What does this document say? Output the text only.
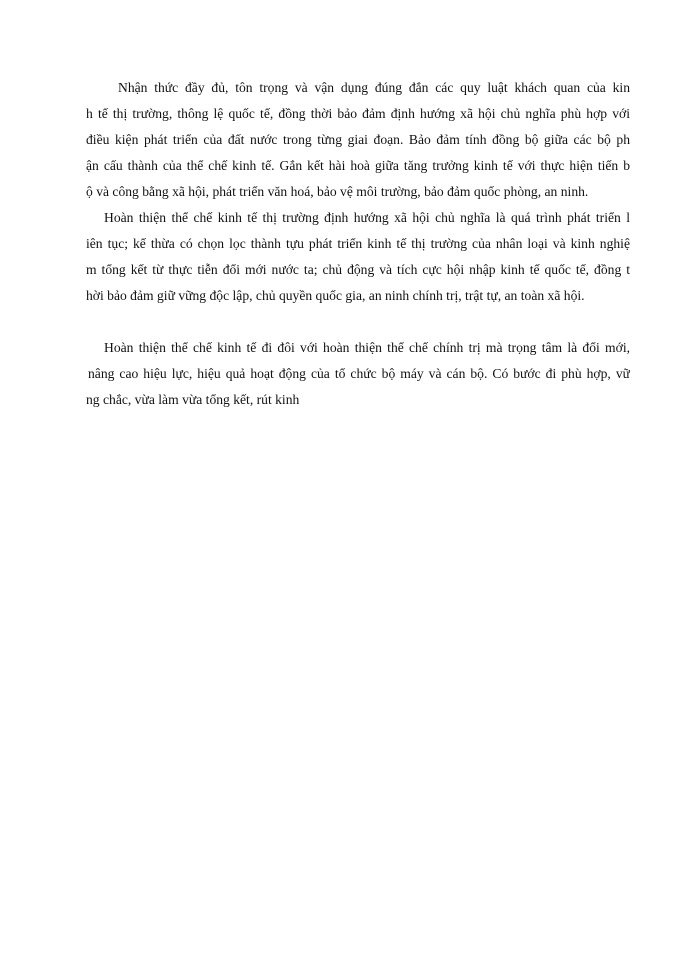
Nhận thức đầy đủ, tôn trọng và vận dụng đúng đắn các quy luật khách quan của kin

h tế thị trường, thông lệ quốc tế, đồng thời bảo đảm định hướng xã hội chủ nghĩa phù hợp với

điều kiện phát triển của đất nước trong từng giai đoạn. Bảo đảm tính đồng bộ giữa các bộ ph

ận cấu thành của thể chế kinh tế. Gắn kết hài hoà giữa tăng trưởng kinh tế với thực hiện tiến b

ộ và công bằng xã hội, phát triển văn hoá, bảo vệ môi trường, bảo đảm quốc phòng, an ninh.

Hoàn thiện thể chế kinh tế thị trường định hướng xã hội chủ nghĩa là quá trình phát triển l

iên tục; kế thừa có chọn lọc thành tựu phát triển kinh tế thị trường của nhân loại và kinh nghiệ

m tổng kết từ thực tiễn đổi mới nước ta; chủ động và tích cực hội nhập kinh tế quốc tế, đồng t

hời bảo đảm giữ vững độc lập, chủ quyền quốc gia, an ninh chính trị, trật tự, an toàn xã hội.

Hoàn thiện thể chế kinh tế đi đôi với hoàn thiện thể chế chính trị mà trọng tâm là đổi mới,

nâng cao hiệu lực, hiệu quả hoạt động của tổ chức bộ máy và cán bộ. Có bước đi phù hợp, vữ

ng chắc, vừa làm vừa tổng kết, rút kinh
